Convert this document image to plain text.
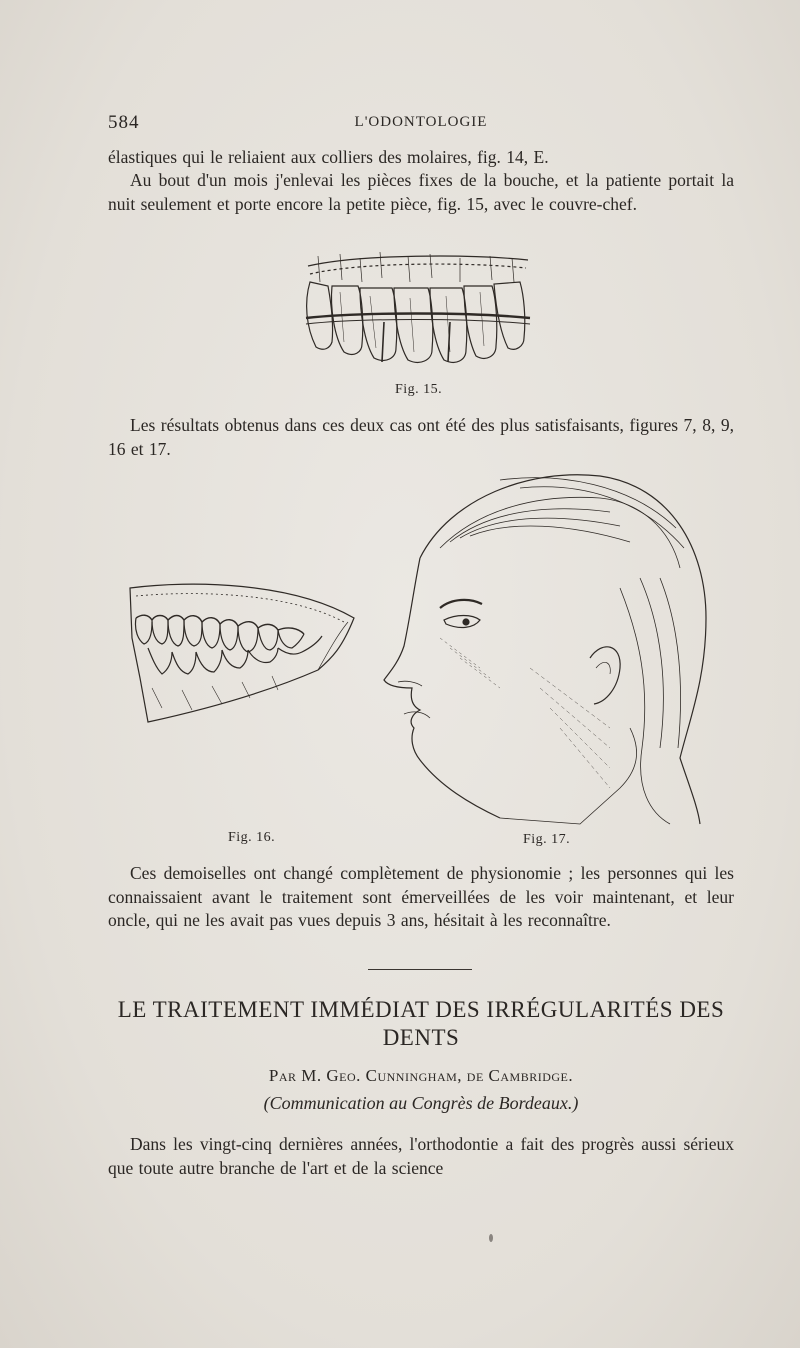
584	L'ODONTOLOGIE
élastiques qui le reliaient aux colliers des molaires, fig. 14, E.
Au bout d'un mois j'enlevai les pièces fixes de la bouche, et la patiente portait la nuit seulement et porte encore la petite pièce, fig. 15, avec le couvre-chef.
Fig. 15.
Les résultats obtenus dans ces deux cas ont été des plus satisfaisants, figures 7, 8, 9, 16 et 17.
Fig. 16.	Fig. 17.
Ces demoiselles ont changé complètement de physionomie ; les personnes qui les connaissaient avant le traitement sont émerveillées de les voir maintenant, et leur oncle, qui ne les avait pas vues depuis 3 ans, hésitait à les reconnaître.
LE TRAITEMENT IMMÉDIAT DES IRRÉGULARITÉS DES DENTS
Par M. Geo. Cunningham, de Cambridge.
(Communication au Congrès de Bordeaux.)
Dans les vingt-cinq dernières années, l'orthodontie a fait des progrès aussi sérieux que toute autre branche de l'art et de la science
